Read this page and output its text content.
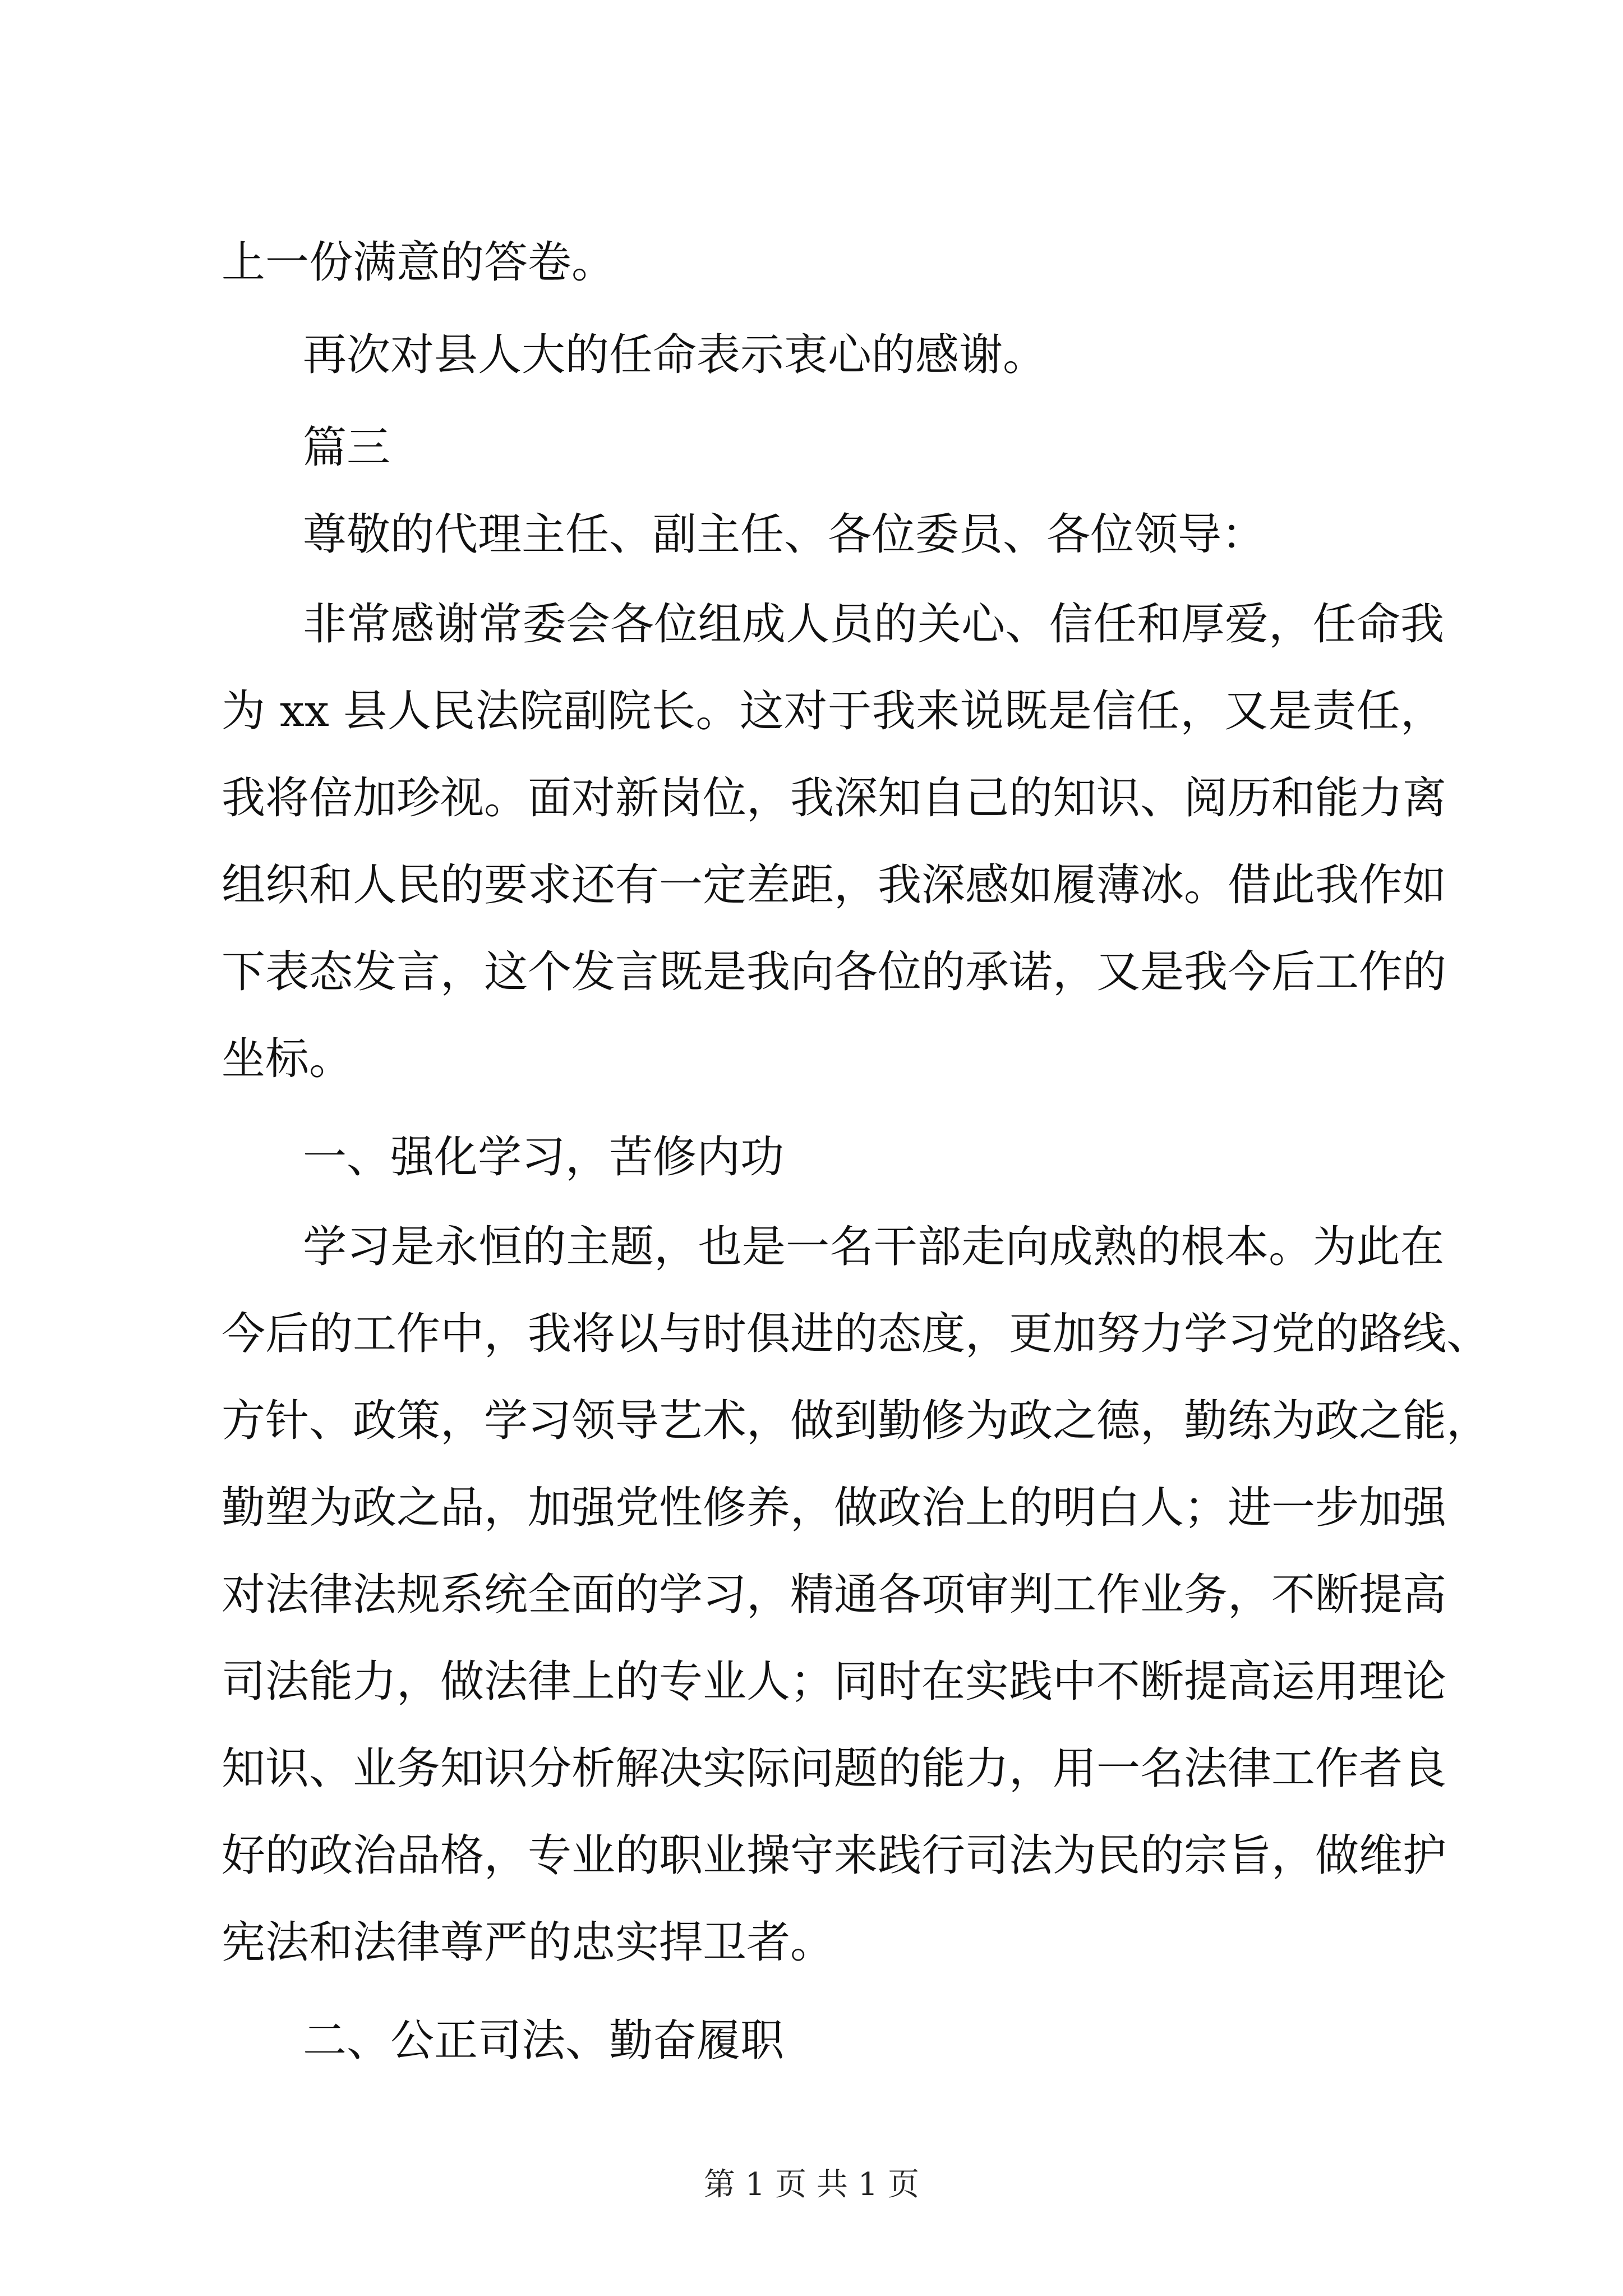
上一份满意的答卷。
再次对县人大的任命表示衷心的感谢。
篇三
尊敬的代理主任、副主任、各位委员、各位领导：
非常感谢常委会各位组成人员的关心、信任和厚爱，任命我
为 xx 县人民法院副院长。这对于我来说既是信任，又是责任，
我将倍加珍视。面对新岗位，我深知自己的知识、阅历和能力离
组织和人民的要求还有一定差距，我深感如履薄冰。借此我作如
下表态发言，这个发言既是我向各位的承诺，又是我今后工作的
坐标。
一、强化学习，苦修内功
学习是永恒的主题，也是一名干部走向成熟的根本。为此在
今后的工作中，我将以与时俱进的态度，更加努力学习党的路线、
方针、政策，学习领导艺术，做到勤修为政之德，勤练为政之能，
勤塑为政之品，加强党性修养，做政治上的明白人；进一步加强
对法律法规系统全面的学习，精通各项审判工作业务，不断提高
司法能力，做法律上的专业人；同时在实践中不断提高运用理论
知识、业务知识分析解决实际问题的能力，用一名法律工作者良
好的政治品格，专业的职业操守来践行司法为民的宗旨，做维护
宪法和法律尊严的忠实捍卫者。
第 1 页 共 1 页
二、公正司法、勤奋履职
